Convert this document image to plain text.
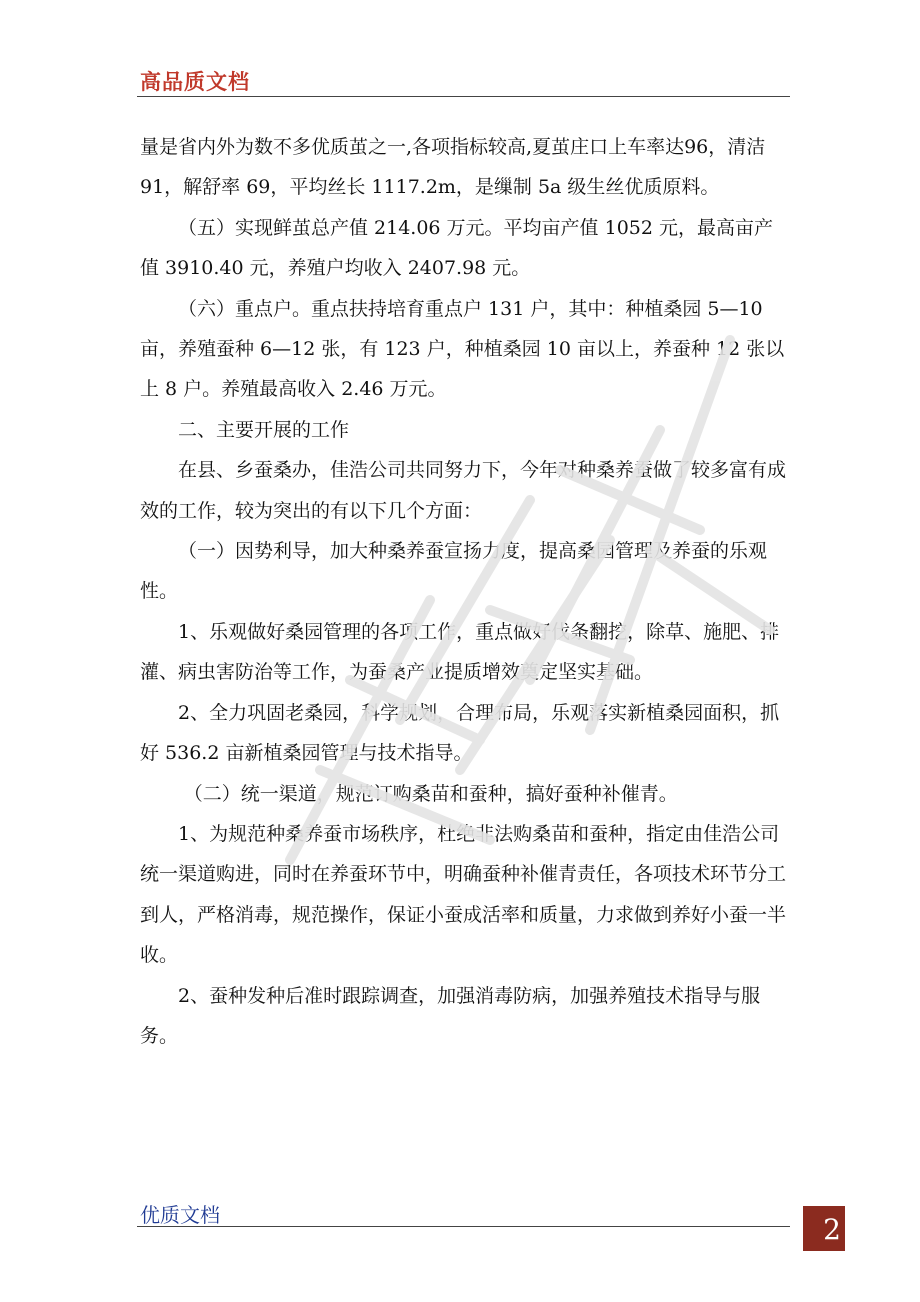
高品质文档

量是省内外为数不多优质茧之一,各项指标较高,夏茧庄口上车率达96，清洁 91，解舒率 69，平均丝长 1117.2m，是缫制 5a 级生丝优质原料。

（五）实现鲜茧总产值 214.06 万元。平均亩产值 1052 元，最高亩产值 3910.40 元，养殖户均收入 2407.98 元。

（六）重点户。重点扶持培育重点户 131 户，其中：种植桑园 5—10 亩，养殖蚕种 6—12 张，有 123 户，种植桑园 10 亩以上，养蚕种 12 张以上 8 户。养殖最高收入 2.46 万元。

二、主要开展的工作

在县、乡蚕桑办，佳浩公司共同努力下，今年对种桑养蚕做了较多富有成效的工作，较为突出的有以下几个方面：

（一）因势利导，加大种桑养蚕宣扬力度，提高桑园管理及养蚕的乐观性。

1、乐观做好桑园管理的各项工作，重点做好伐条翻挖，除草、施肥、排灌、病虫害防治等工作，为蚕桑产业提质增效奠定坚实基础。

2、全力巩固老桑园，科学规划，合理布局，乐观落实新植桑园面积，抓好 536.2 亩新植桑园管理与技术指导。

（二）统一渠道，规范订购桑苗和蚕种，搞好蚕种补催青。

1、为规范种桑养蚕市场秩序，杜绝非法购桑苗和蚕种，指定由佳浩公司统一渠道购进，同时在养蚕环节中，明确蚕种补催青责任，各项技术环节分工到人，严格消毒，规范操作，保证小蚕成活率和质量，力求做到养好小蚕一半收。

2、蚕种发种后准时跟踪调查，加强消毒防病，加强养殖技术指导与服务。

优质文档	2
